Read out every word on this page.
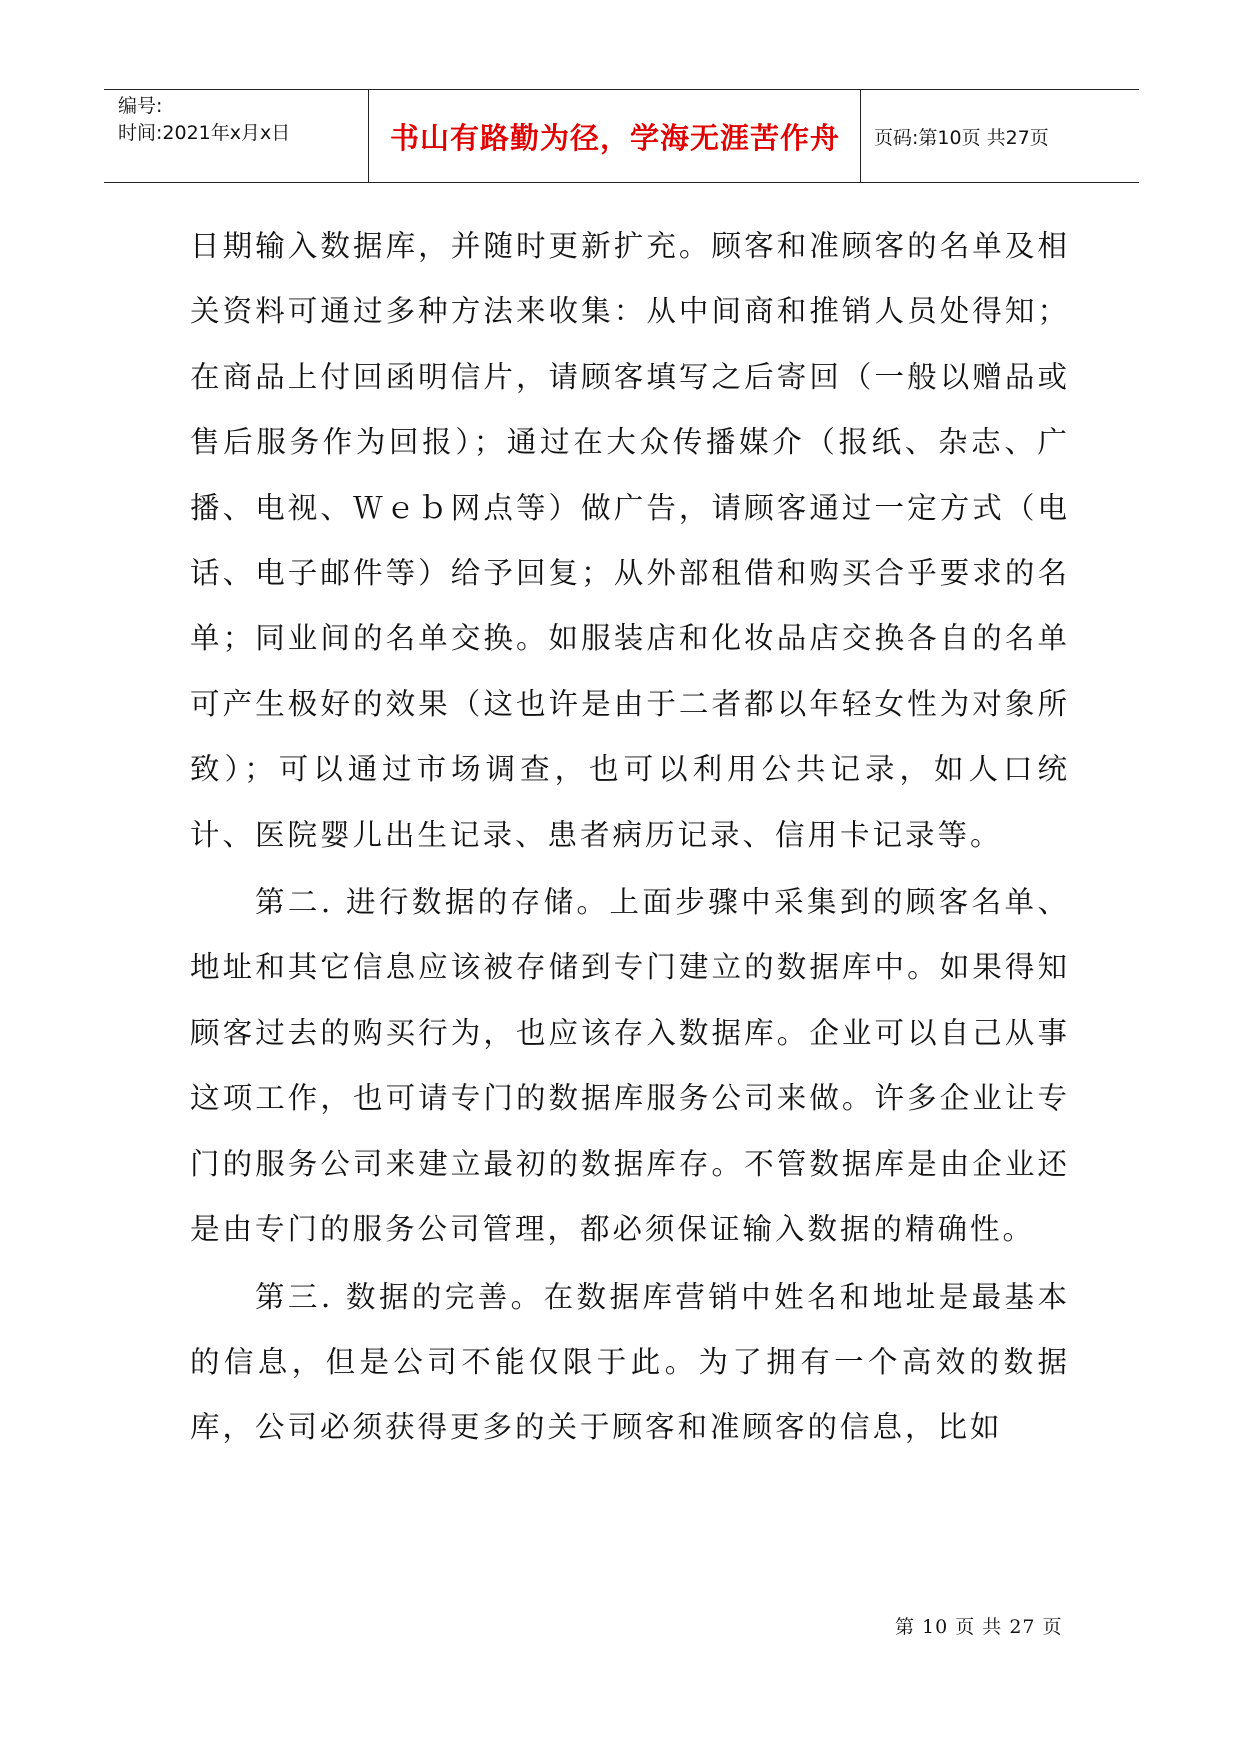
编号:
时间:2021年x月x日	书山有路勤为径，学海无涯苦作舟	页码:第10页 共27页

日期输入数据库，并随时更新扩充。顾客和准顾客的名单及相关资料可通过多种方法来收集：从中间商和推销人员处得知；在商品上付回函明信片，请顾客填写之后寄回（一般以赠品或售后服务作为回报）；通过在大众传播媒介（报纸、杂志、广播、电视、Ｗｅｂ网点等）做广告，请顾客通过一定方式（电话、电子邮件等）给予回复；从外部租借和购买合乎要求的名单；同业间的名单交换。如服装店和化妆品店交换各自的名单可产生极好的效果（这也许是由于二者都以年轻女性为对象所致）；可以通过市场调查，也可以利用公共记录，如人口统计、医院婴儿出生记录、患者病历记录、信用卡记录等。

第二. 进行数据的存储。上面步骤中采集到的顾客名单、地址和其它信息应该被存储到专门建立的数据库中。如果得知顾客过去的购买行为，也应该存入数据库。企业可以自己从事这项工作，也可请专门的数据库服务公司来做。许多企业让专门的服务公司来建立最初的数据库存。不管数据库是由企业还是由专门的服务公司管理，都必须保证输入数据的精确性。

第三. 数据的完善。在数据库营销中姓名和地址是最基本的信息，但是公司不能仅限于此。为了拥有一个高效的数据库，公司必须获得更多的关于顾客和准顾客的信息，比如

第 10 页 共 27 页
